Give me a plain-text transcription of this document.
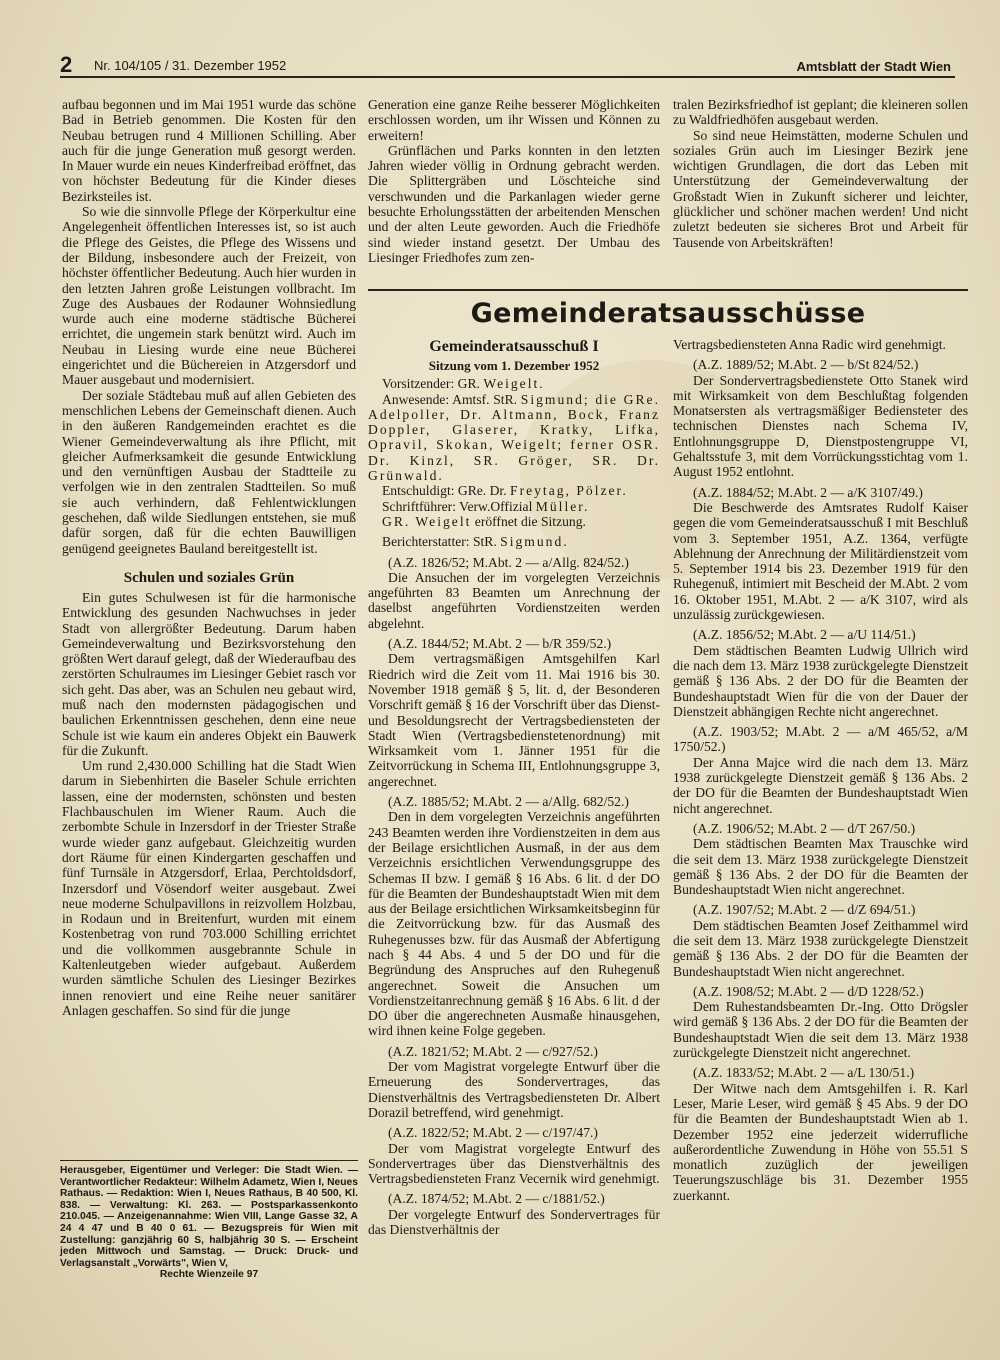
2 Nr. 104/105 / 31. Dezember 1952	Amtsblatt der Stadt Wien

aufbau begonnen und im Mai 1951 wurde das schöne Bad in Betrieb genommen. Die Kosten für den Neubau betrugen rund 4 Millionen Schilling. Aber auch für die junge Generation muß gesorgt werden. In Mauer wurde ein neues Kinderfreibad eröffnet, das von höchster Bedeutung für die Kinder dieses Bezirksteiles ist.

So wie die sinnvolle Pflege der Körperkultur eine Angelegenheit öffentlichen Interesses ist, so ist auch die Pflege des Geistes, die Pflege des Wissens und der Bildung, insbesondere auch der Freizeit, von höchster öffentlicher Bedeutung. Auch hier wurden in den letzten Jahren große Leistungen vollbracht. Im Zuge des Ausbaues der Rodauner Wohnsiedlung wurde auch eine moderne städtische Bücherei errichtet, die ungemein stark benützt wird. Auch im Neubau in Liesing wurde eine neue Bücherei eingerichtet und die Büchereien in Atzgersdorf und Mauer ausgebaut und modernisiert.

Der soziale Städtebau muß auf allen Gebieten des menschlichen Lebens der Gemeinschaft dienen. Auch in den äußeren Randgemeinden erachtet es die Wiener Gemeindeverwaltung als ihre Pflicht, mit gleicher Aufmerksamkeit die gesunde Entwicklung und den vernünftigen Ausbau der Stadtteile zu verfolgen wie in den zentralen Stadtteilen. So muß sie auch verhindern, daß Fehlentwicklungen geschehen, daß wilde Siedlungen entstehen, sie muß dafür sorgen, daß für die echten Bauwilligen genügend geeignetes Bauland bereitgestellt ist.

Schulen und soziales Grün

Ein gutes Schulwesen ist für die harmonische Entwicklung des gesunden Nachwuchses in jeder Stadt von allergrößter Bedeutung. Darum haben Gemeindeverwaltung und Bezirksvorstehung den größten Wert darauf gelegt, daß der Wiederaufbau des zerstörten Schulraumes im Liesinger Gebiet rasch vor sich geht. Das aber, was an Schulen neu gebaut wird, muß nach den modernsten pädagogischen und baulichen Erkenntnissen geschehen, denn eine neue Schule ist wie kaum ein anderes Objekt ein Bauwerk für die Zukunft.

Um rund 2,430.000 Schilling hat die Stadt Wien darum in Siebenhirten die Baseler Schule errichten lassen, eine der modernsten, schönsten und besten Flachbauschulen im Wiener Raum. Auch die zerbombte Schule in Inzersdorf in der Triester Straße wurde wieder ganz aufgebaut. Gleichzeitig wurden dort Räume für einen Kindergarten geschaffen und fünf Turnsäle in Atzgersdorf, Erlaa, Perchtoldsdorf, Inzersdorf und Vösendorf weiter ausgebaut. Zwei neue moderne Schulpavillons in reizvollem Holzbau, in Rodaun und in Breitenfurt, wurden mit einem Kostenbetrag von rund 703.000 Schilling errichtet und die vollkommen ausgebrannte Schule in Kaltenleutgeben wieder aufgebaut. Außerdem wurden sämtliche Schulen des Liesinger Bezirkes innen renoviert und eine Reihe neuer sanitärer Anlagen geschaffen. So sind für die junge

Generation eine ganze Reihe besserer Möglichkeiten erschlossen worden, um ihr Wissen und Können zu erweitern!

Grünflächen und Parks konnten in den letzten Jahren wieder völlig in Ordnung gebracht werden. Die Splittergräben und Löschteiche sind verschwunden und die Parkanlagen wieder gerne besuchte Erholungsstätten der arbeitenden Menschen und der alten Leute geworden. Auch die Friedhöfe sind wieder instand gesetzt. Der Umbau des Liesinger Friedhofes zum zen-

tralen Bezirksfriedhof ist geplant; die kleineren sollen zu Waldfriedhöfen ausgebaut werden.

So sind neue Heimstätten, moderne Schulen und soziales Grün auch im Liesinger Bezirk jene wichtigen Grundlagen, die dort das Leben mit Unterstützung der Gemeindeverwaltung der Großstadt Wien in Zukunft sicherer und leichter, glücklicher und schöner machen werden! Und nicht zuletzt bedeuten sie sicheres Brot und Arbeit für Tausende von Arbeitskräften!

Gemeinderatsausschüsse
Gemeinderatsausschuß I

Sitzung vom 1. Dezember 1952

Vorsitzender: GR. Weigelt.

Anwesende: Amtsf. StR. Sigmund; die GRe. Adelpoller, Dr. Altmann, Bock, Franz Doppler, Glaserer, Kratky, Lifka, Opravil, Skokan, Weigelt; ferner OSR. Dr. Kinzl, SR. Gröger, SR. Dr. Grünwald.

Entschuldigt: GRe. Dr. Freytag, Pölzer.

Schriftführer: Verw.Offizial Müller.

GR. Weigelt eröffnet die Sitzung.

Berichterstatter: StR. Sigmund.

(A.Z. 1826/52; M.Abt. 2 — a/Allg. 824/52.)

Die Ansuchen der im vorgelegten Verzeichnis angeführten 83 Beamten um Anrechnung der daselbst angeführten Vordienstzeiten werden abgelehnt.

(A.Z. 1844/52; M.Abt. 2 — b/R 359/52.)

Dem vertragsmäßigen Amtsgehilfen Karl Riedrich wird die Zeit vom 11. Mai 1916 bis 30. November 1918 gemäß § 5, lit. d, der Besonderen Vorschrift gemäß § 16 der Vorschrift über das Dienst- und Besoldungsrecht der Vertragsbediensteten der Stadt Wien (Vertragsbedienstetenordnung) mit Wirksamkeit vom 1. Jänner 1951 für die Zeitvorrückung in Schema III, Entlohnungsgruppe 3, angerechnet.

(A.Z. 1885/52; M.Abt. 2 — a/Allg. 682/52.)

Den in dem vorgelegten Verzeichnis angeführten 243 Beamten werden ihre Vordienstzeiten in dem aus der Beilage ersichtlichen Ausmaß, in der aus dem Verzeichnis ersichtlichen Verwendungsgruppe des Schemas II bzw. I gemäß § 16 Abs. 6 lit. d der DO für die Beamten der Bundeshauptstadt Wien mit dem aus der Beilage ersichtlichen Wirksamkeitsbeginn für die Zeitvorrückung bzw. für das Ausmaß des Ruhegenusses bzw. für das Ausmaß der Abfertigung nach § 44 Abs. 4 und 5 der DO und für die Begründung des Anspruches auf den Ruhegenuß angerechnet. Soweit die Ansuchen um Vordienstzeitanrechnung gemäß § 16 Abs. 6 lit. d der DO über die angerechneten Ausmaße hinausgehen, wird ihnen keine Folge gegeben.

(A.Z. 1821/52; M.Abt. 2 — c/927/52.)

Der vom Magistrat vorgelegte Entwurf über die Erneuerung des Sondervertrages, das Dienstverhältnis des Vertragsbediensteten Dr. Albert Dorazil betreffend, wird genehmigt.

(A.Z. 1822/52; M.Abt. 2 — c/197/47.)

Der vom Magistrat vorgelegte Entwurf des Sondervertrages über das Dienstverhältnis des Vertragsbediensteten Franz Vecernik wird genehmigt.

(A.Z. 1874/52; M.Abt. 2 — c/1881/52.)

Der vorgelegte Entwurf des Sondervertrages für das Dienstverhältnis der

Vertragsbediensteten Anna Radic wird genehmigt.

(A.Z. 1889/52; M.Abt. 2 — b/St 824/52.)

Der Sondervertragsbedienstete Otto Stanek wird mit Wirksamkeit von dem Beschlußtag folgenden Monatsersten als vertragsmäßiger Bediensteter des technischen Dienstes nach Schema IV, Entlohnungsgruppe D, Dienstpostengruppe VI, Gehaltsstufe 3, mit dem Vorrückungsstichtag vom 1. August 1952 entlohnt.

(A.Z. 1884/52; M.Abt. 2 — a/K 3107/49.)

Die Beschwerde des Amtsrates Rudolf Kaiser gegen die vom Gemeinderatsausschuß I mit Beschluß vom 3. September 1951, A.Z. 1364, verfügte Ablehnung der Anrechnung der Militärdienstzeit vom 5. September 1914 bis 23. Dezember 1919 für den Ruhegenuß, intimiert mit Bescheid der M.Abt. 2 vom 16. Oktober 1951, M.Abt. 2 — a/K 3107, wird als unzulässig zurückgewiesen.

(A.Z. 1856/52; M.Abt. 2 — a/U 114/51.)

Dem städtischen Beamten Ludwig Ullrich wird die nach dem 13. März 1938 zurückgelegte Dienstzeit gemäß § 136 Abs. 2 der DO für die Beamten der Bundeshauptstadt Wien für die von der Dauer der Dienstzeit abhängigen Rechte nicht angerechnet.

(A.Z. 1903/52; M.Abt. 2 — a/M 465/52, a/M 1750/52.)

Der Anna Majce wird die nach dem 13. März 1938 zurückgelegte Dienstzeit gemäß § 136 Abs. 2 der DO für die Beamten der Bundeshauptstadt Wien nicht angerechnet.

(A.Z. 1906/52; M.Abt. 2 — d/T 267/50.)

Dem städtischen Beamten Max Trauschke wird die seit dem 13. März 1938 zurückgelegte Dienstzeit gemäß § 136 Abs. 2 der DO für die Beamten der Bundeshauptstadt Wien nicht angerechnet.

(A.Z. 1907/52; M.Abt. 2 — d/Z 694/51.)

Dem städtischen Beamten Josef Zeithammel wird die seit dem 13. März 1938 zurückgelegte Dienstzeit gemäß § 136 Abs. 2 der DO für die Beamten der Bundeshauptstadt Wien nicht angerechnet.

(A.Z. 1908/52; M.Abt. 2 — d/D 1228/52.)

Dem Ruhestandsbeamten Dr.-Ing. Otto Drögsler wird gemäß § 136 Abs. 2 der DO für die Beamten der Bundeshauptstadt Wien die seit dem 13. März 1938 zurückgelegte Dienstzeit nicht angerechnet.

(A.Z. 1833/52; M.Abt. 2 — a/L 130/51.)

Der Witwe nach dem Amtsgehilfen i. R. Karl Leser, Marie Leser, wird gemäß § 45 Abs. 9 der DO für die Beamten der Bundeshauptstadt Wien ab 1. Dezember 1952 eine jederzeit widerrufliche außerordentliche Zuwendung in Höhe von 55.51 S monatlich zuzüglich der jeweiligen Teuerungszuschläge bis 31. Dezember 1955 zuerkannt.

Herausgeber, Eigentümer und Verleger: Die Stadt Wien. — Verantwortlicher Redakteur: Wilhelm Adametz, Wien I, Neues Rathaus. — Redaktion: Wien I, Neues Rathaus, B 40 500, Kl. 838. — Verwaltung: Kl. 263. — Postsparkassenkonto 210.045. — Anzeigenannahme: Wien VIII, Lange Gasse 32, A 24 4 47 und B 40 0 61. — Bezugspreis für Wien mit Zustellung: ganzjährig 60 S, halbjährig 30 S. — Erscheint jeden Mittwoch und Samstag. — Druck: Druck- und Verlagsanstalt „Vorwärts", Wien V,
Rechte Wienzeile 97
